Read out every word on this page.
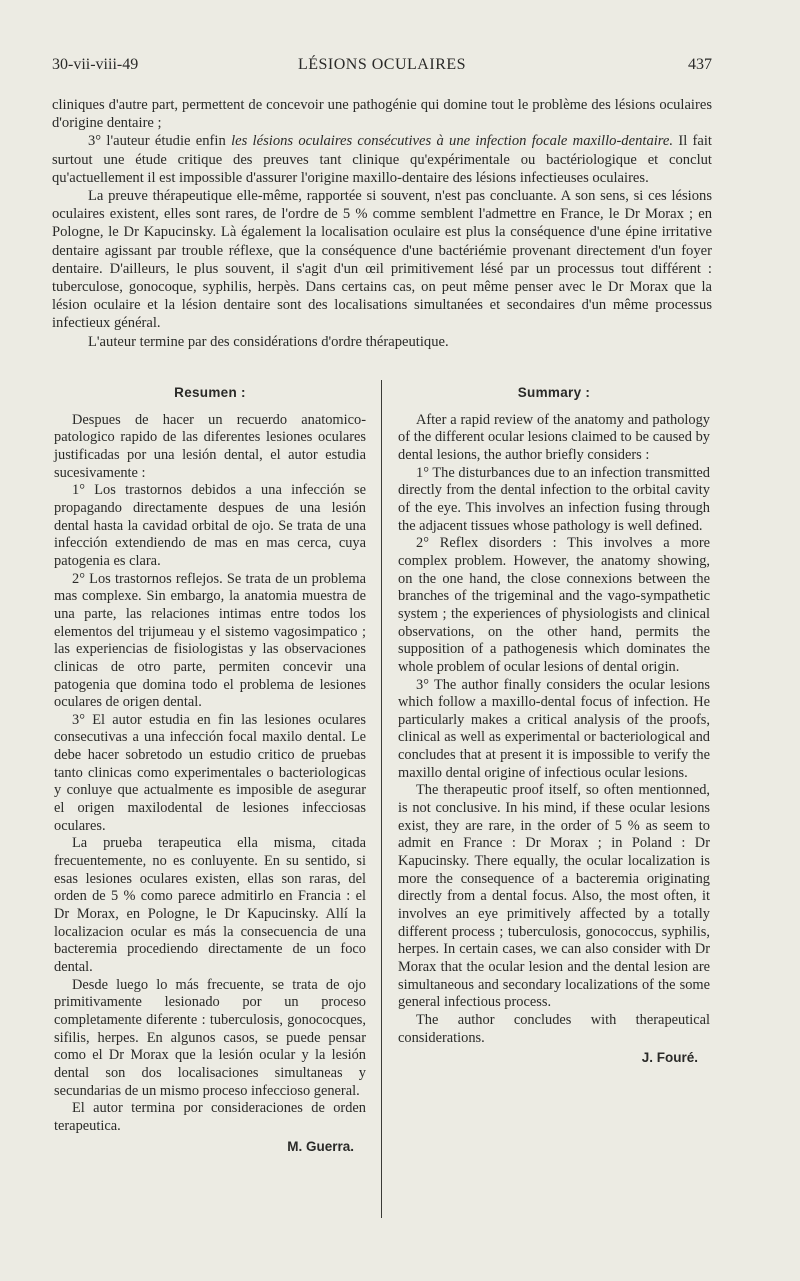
30-vii-viii-49	LÉSIONS OCULAIRES	437

cliniques d'autre part, permettent de concevoir une pathogénie qui domine tout le problème des lésions oculaires d'origine dentaire ;

3° l'auteur étudie enfin les lésions oculaires consécutives à une infection focale maxillo-dentaire. Il fait surtout une étude critique des preuves tant clinique qu'expérimentale ou bactériologique et conclut qu'actuellement il est impossible d'assurer l'origine maxillo-dentaire des lésions infectieuses oculaires.

La preuve thérapeutique elle-même, rapportée si souvent, n'est pas concluante. A son sens, si ces lésions oculaires existent, elles sont rares, de l'ordre de 5 % comme semblent l'admettre en France, le Dr Morax ; en Pologne, le Dr Kapucinsky. Là également la localisation oculaire est plus la conséquence d'une épine irritative dentaire agissant par trouble réflexe, que la conséquence d'une bactériémie provenant directement d'un foyer dentaire. D'ailleurs, le plus souvent, il s'agit d'un œil primitivement lésé par un processus tout différent : tuberculose, gonocoque, syphilis, herpès. Dans certains cas, on peut même penser avec le Dr Morax que la lésion oculaire et la lésion dentaire sont des localisations simultanées et secondaires d'un même processus infectieux général.

L'auteur termine par des considérations d'ordre thérapeutique.

Resumen :

Despues de hacer un recuerdo anatomico-patologico rapido de las diferentes lesiones oculares justificadas por una lesión dental, el autor estudia sucesivamente :

1° Los trastornos debidos a una infección se propagando directamente despues de una lesión dental hasta la cavidad orbital de ojo. Se trata de una infección extendiendo de mas en mas cerca, cuya patogenia es clara.

2° Los trastornos reflejos. Se trata de un problema mas complexe. Sin embargo, la anatomia muestra de una parte, las relaciones intimas entre todos los elementos del trijumeau y el sistemo vagosimpatico ; las experiencias de fisiologistas y las observaciones clinicas de otro parte, permiten concevir una patogenia que domina todo el problema de lesiones oculares de origen dental.

3° El autor estudia en fin las lesiones oculares consecutivas a una infección focal maxilo dental. Le debe hacer sobretodo un estudio critico de pruebas tanto clinicas como experimentales o bacteriologicas y conluye que actualmente es imposible de asegurar el origen maxilodental de lesiones infecciosas oculares.

La prueba terapeutica ella misma, citada frecuentemente, no es conluyente. En su sentido, si esas lesiones oculares existen, ellas son raras, del orden de 5 % como parece admitirlo en Francia : el Dr Morax, en Pologne, le Dr Kapucinsky. Allí la localizacion ocular es más la consecuencia de una bacteremia procediendo directamente de un foco dental.

Desde luego lo más frecuente, se trata de ojo primitivamente lesionado por un proceso completamente diferente : tuberculosis, gonococques, sifilis, herpes. En algunos casos, se puede pensar como el Dr Morax que la lesión ocular y la lesión dental son dos localisaciones simultaneas y secundarias de un mismo proceso infeccioso general.

El autor termina por consideraciones de orden terapeutica.

M. Guerra.

Summary :

After a rapid review of the anatomy and pathology of the different ocular lesions claimed to be caused by dental lesions, the author briefly considers :

1° The disturbances due to an infection transmitted directly from the dental infection to the orbital cavity of the eye. This involves an infection fusing through the adjacent tissues whose pathology is well defined.

2° Reflex disorders : This involves a more complex problem. However, the anatomy showing, on the one hand, the close connexions between the branches of the trigeminal and the vago-sympathetic system ; the experiences of physiologists and clinical observations, on the other hand, permits the supposition of a pathogenesis which dominates the whole problem of ocular lesions of dental origin.

3° The author finally considers the ocular lesions which follow a maxillo-dental focus of infection. He particularly makes a critical analysis of the proofs, clinical as well as experimental or bacteriological and concludes that at present it is impossible to verify the maxillo dental origine of infectious ocular lesions.

The therapeutic proof itself, so often mentionned, is not conclusive. In his mind, if these ocular lesions exist, they are rare, in the order of 5 % as seem to admit en France : Dr Morax ; in Poland : Dr Kapucinsky. There equally, the ocular localization is more the consequence of a bacteremia originating directly from a dental focus. Also, the most often, it involves an eye primitively affected by a totally different process ; tuberculosis, gonococcus, syphilis, herpes. In certain cases, we can also consider with Dr Morax that the ocular lesion and the dental lesion are simultaneous and secondary localizations of the some general infectious process.

The author concludes with therapeutical considerations.

J. Fouré.
